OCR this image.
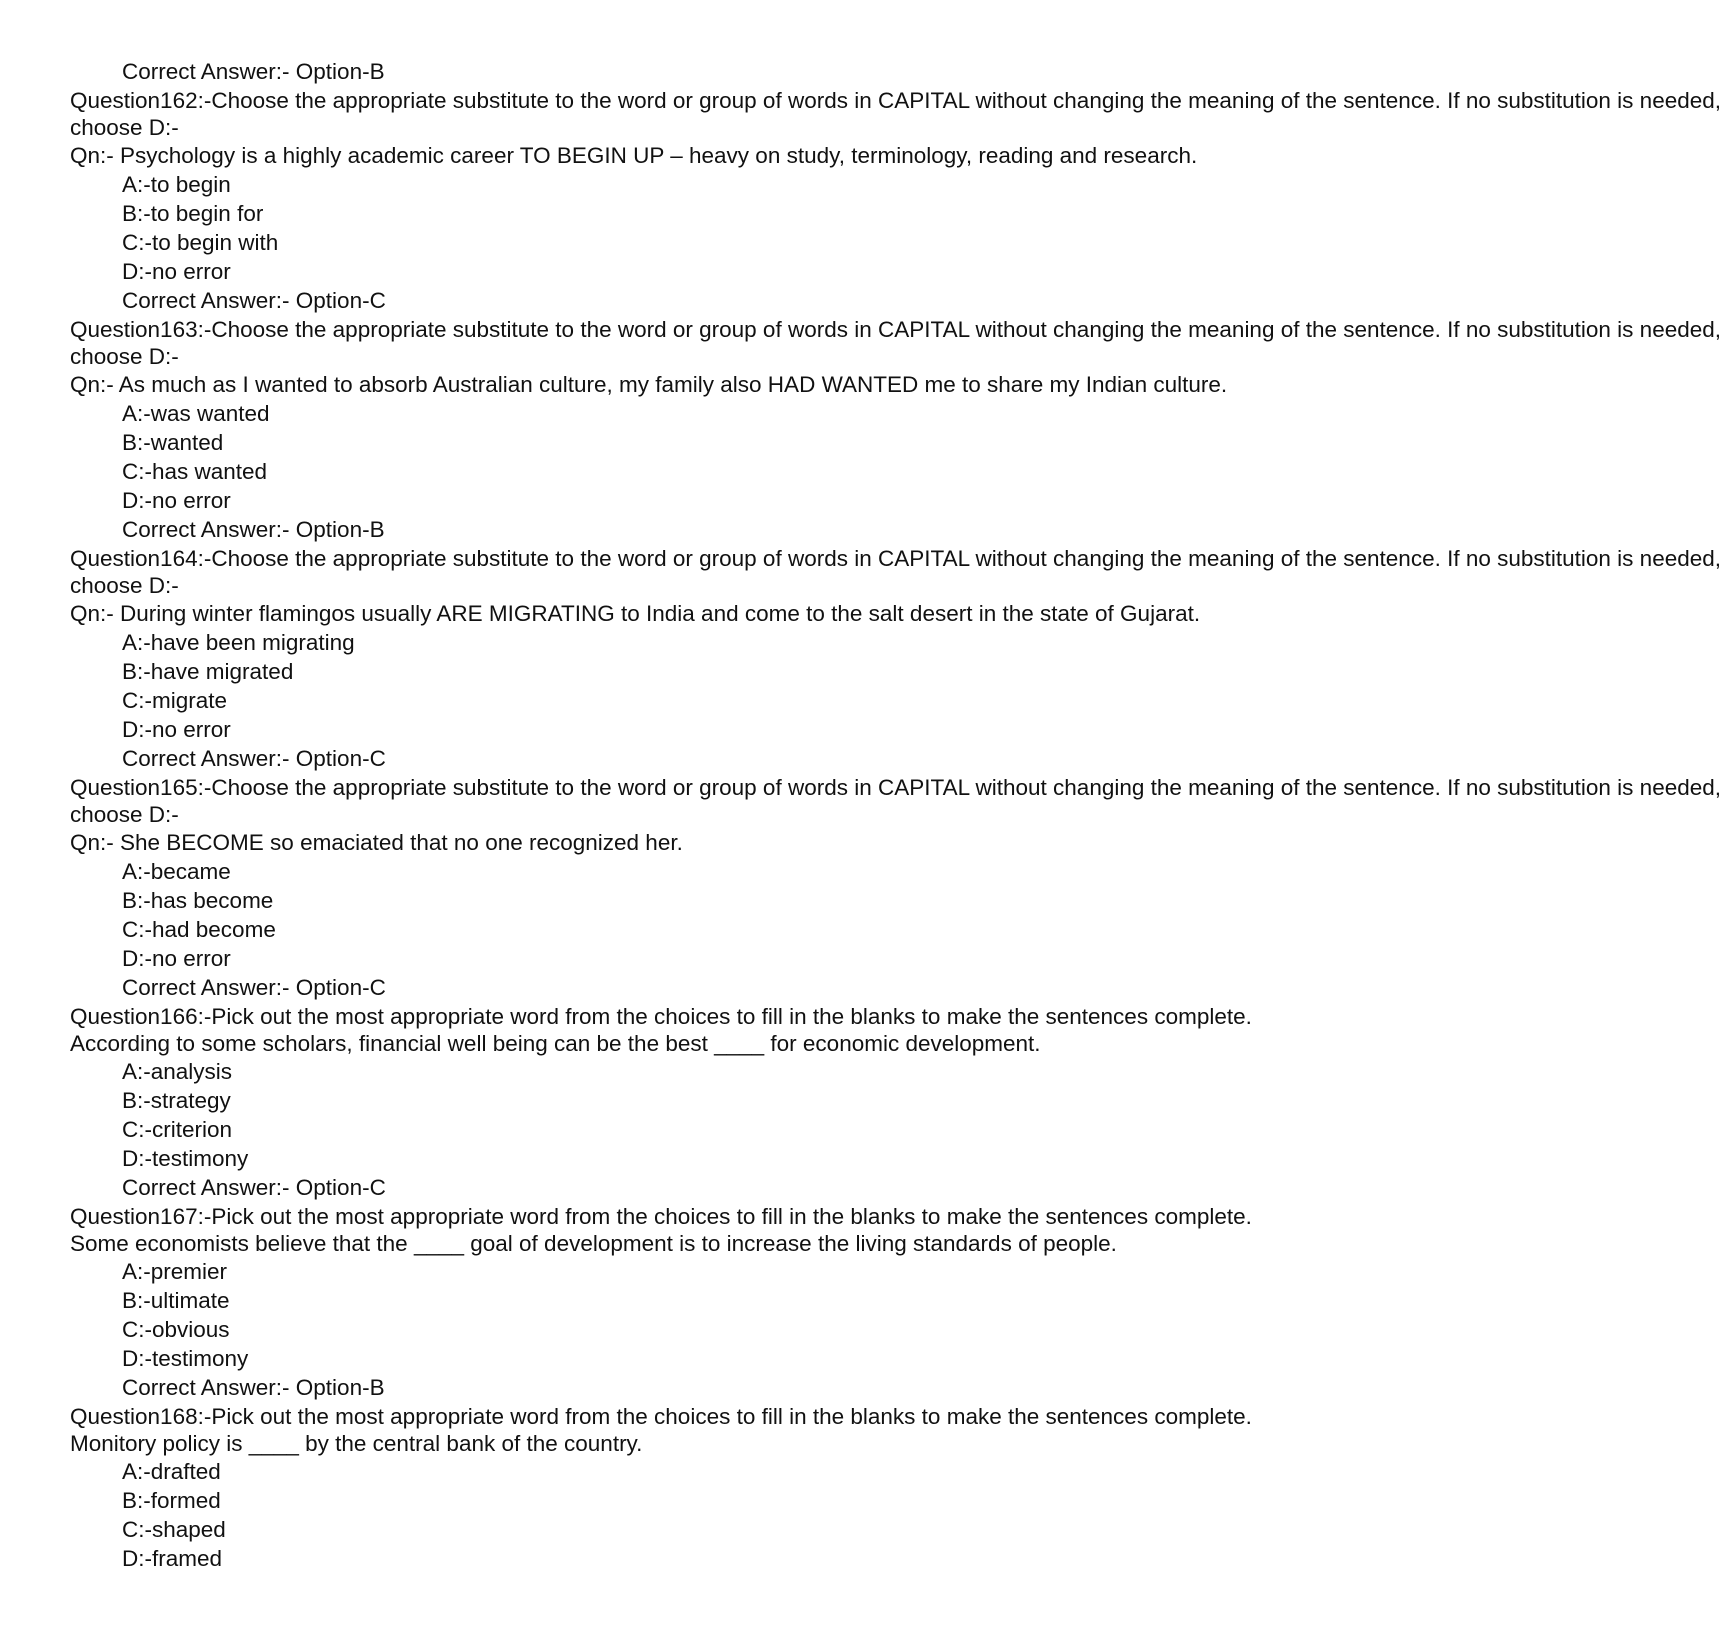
Correct Answer:- Option-B
Question162:-Choose the appropriate substitute to the word or group of words in CAPITAL without changing the meaning of the sentence. If no substitution is needed,
choose D:-
Qn:- Psychology is a highly academic career TO BEGIN UP – heavy on study, terminology, reading and research.
A:-to begin
B:-to begin for
C:-to begin with
D:-no error
Correct Answer:- Option-C
Question163:-Choose the appropriate substitute to the word or group of words in CAPITAL without changing the meaning of the sentence. If no substitution is needed,
choose D:-
Qn:- As much as I wanted to absorb Australian culture, my family also HAD WANTED me to share my Indian culture.
A:-was wanted
B:-wanted
C:-has wanted
D:-no error
Correct Answer:- Option-B
Question164:-Choose the appropriate substitute to the word or group of words in CAPITAL without changing the meaning of the sentence. If no substitution is needed,
choose D:-
Qn:- During winter flamingos usually ARE MIGRATING to India and come to the salt desert in the state of Gujarat.
A:-have been migrating
B:-have migrated
C:-migrate
D:-no error
Correct Answer:- Option-C
Question165:-Choose the appropriate substitute to the word or group of words in CAPITAL without changing the meaning of the sentence. If no substitution is needed,
choose D:-
Qn:- She BECOME so emaciated that no one recognized her.
A:-became
B:-has become
C:-had become
D:-no error
Correct Answer:- Option-C
Question166:-Pick out the most appropriate word from the choices to fill in the blanks to make the sentences complete.
According to some scholars, financial well being can be the best ____ for economic development.
A:-analysis
B:-strategy
C:-criterion
D:-testimony
Correct Answer:- Option-C
Question167:-Pick out the most appropriate word from the choices to fill in the blanks to make the sentences complete.
Some economists believe that the ____ goal of development is to increase the living standards of people.
A:-premier
B:-ultimate
C:-obvious
D:-testimony
Correct Answer:- Option-B
Question168:-Pick out the most appropriate word from the choices to fill in the blanks to make the sentences complete.
Monitory policy is ____ by the central bank of the country.
A:-drafted
B:-formed
C:-shaped
D:-framed
